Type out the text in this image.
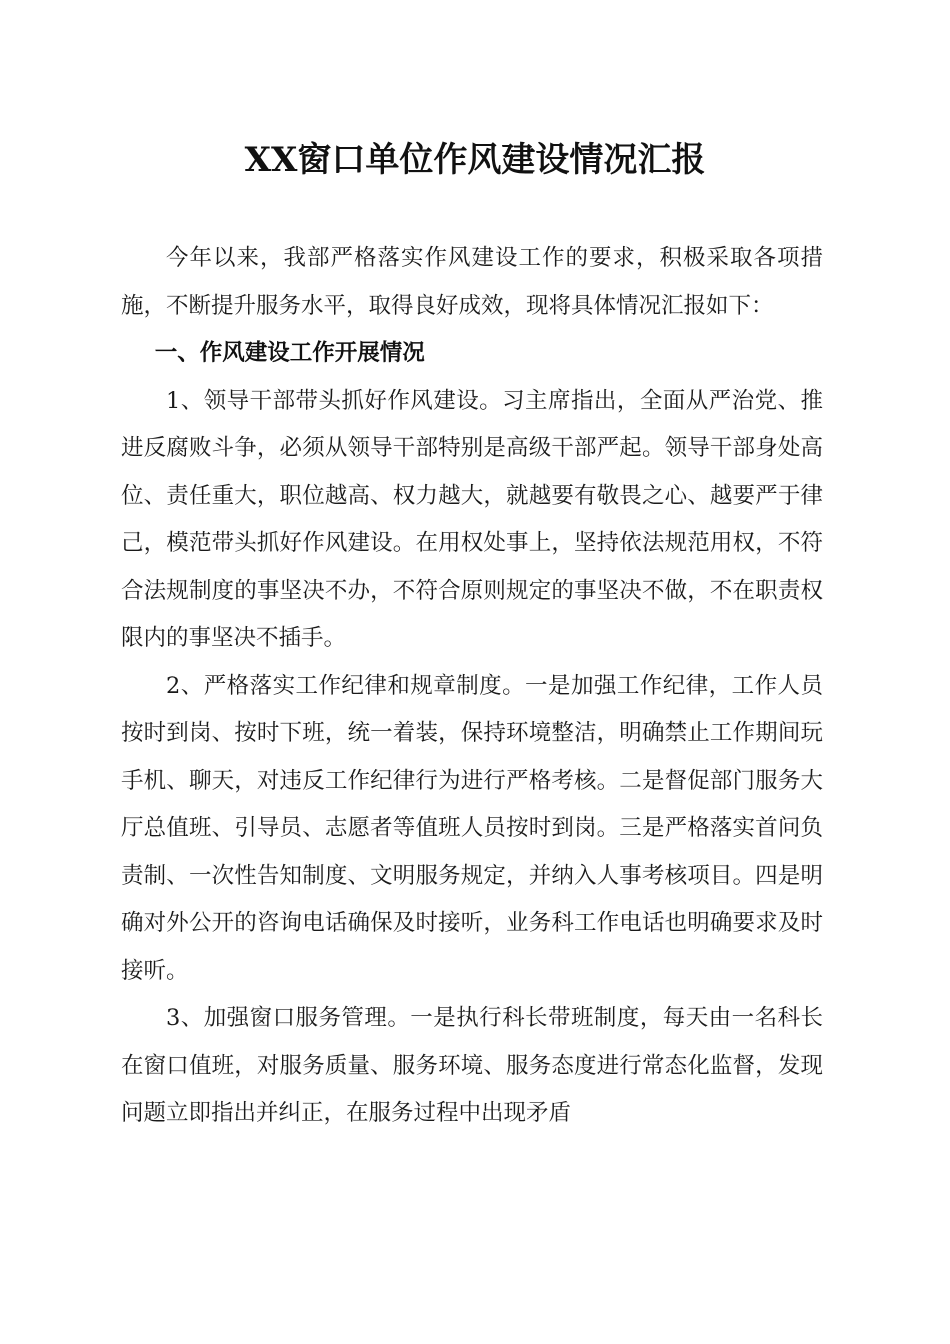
XX窗口单位作风建设情况汇报

今年以来，我部严格落实作风建设工作的要求，积极采取各项措施，不断提升服务水平，取得良好成效，现将具体情况汇报如下：

一、作风建设工作开展情况

1、领导干部带头抓好作风建设。习主席指出，全面从严治党、推进反腐败斗争，必须从领导干部特别是高级干部严起。领导干部身处高位、责任重大，职位越高、权力越大，就越要有敬畏之心、越要严于律己，模范带头抓好作风建设。在用权处事上，坚持依法规范用权，不符合法规制度的事坚决不办，不符合原则规定的事坚决不做，不在职责权限内的事坚决不插手。

2、严格落实工作纪律和规章制度。一是加强工作纪律，工作人员按时到岗、按时下班，统一着装，保持环境整洁，明确禁止工作期间玩手机、聊天，对违反工作纪律行为进行严格考核。二是督促部门服务大厅总值班、引导员、志愿者等值班人员按时到岗。三是严格落实首问负责制、一次性告知制度、文明服务规定，并纳入人事考核项目。四是明确对外公开的咨询电话确保及时接听，业务科工作电话也明确要求及时接听。

3、加强窗口服务管理。一是执行科长带班制度，每天由一名科长在窗口值班，对服务质量、服务环境、服务态度进行常态化监督，发现问题立即指出并纠正，在服务过程中出现矛盾
